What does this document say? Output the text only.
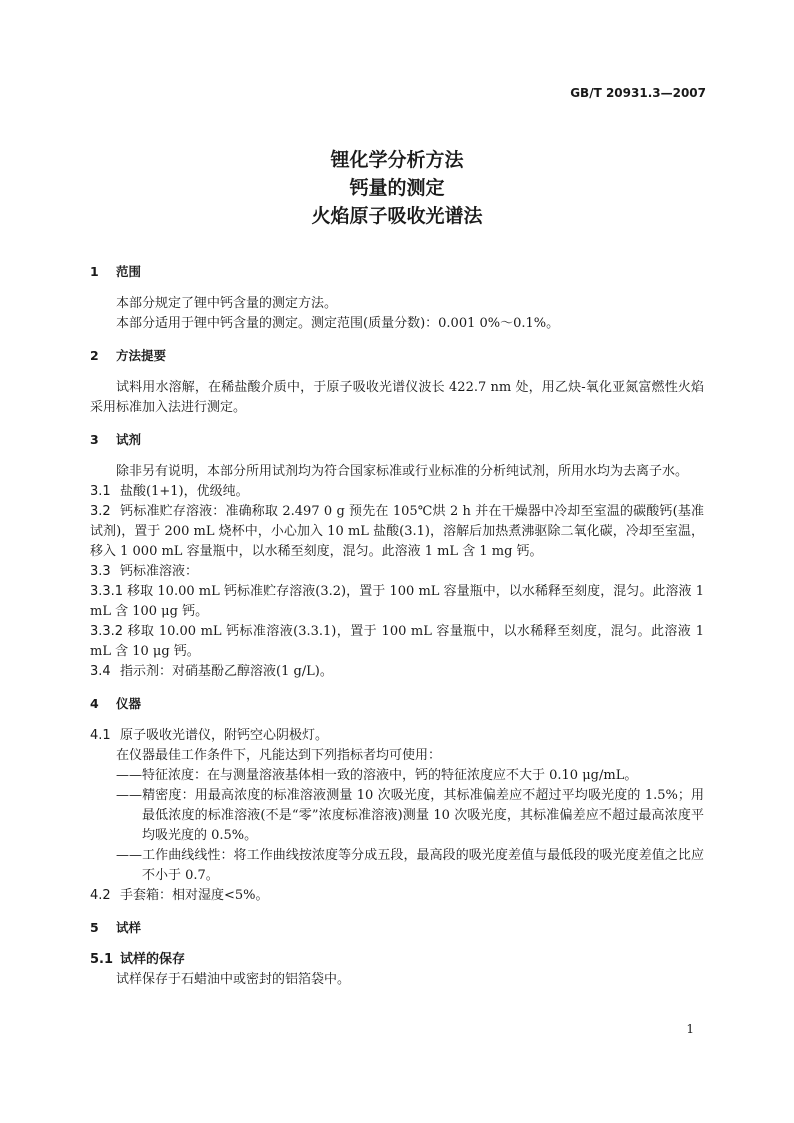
GB/T 20931.3—2007
锂化学分析方法
钙量的测定
火焰原子吸收光谱法
1 范围

本部分规定了锂中钙含量的测定方法。

本部分适用于锂中钙含量的测定。测定范围(质量分数)：0.001 0%～0.1%。

2 方法提要

试料用水溶解，在稀盐酸介质中，于原子吸收光谱仪波长 422.7 nm 处，用乙炔-氧化亚氮富燃性火焰采用标准加入法进行测定。

3 试剂

除非另有说明，本部分所用试剂均为符合国家标准或行业标准的分析纯试剂，所用水均为去离子水。

3.1 盐酸(1+1)，优级纯。

3.2 钙标准贮存溶液：准确称取 2.497 0 g 预先在 105℃烘 2 h 并在干燥器中冷却至室温的碳酸钙(基准试剂)，置于 200 mL 烧杯中，小心加入 10 mL 盐酸(3.1)，溶解后加热煮沸驱除二氧化碳，冷却至室温，移入 1 000 mL 容量瓶中，以水稀至刻度，混匀。此溶液 1 mL 含 1 mg 钙。

3.3 钙标准溶液：

3.3.1 移取 10.00 mL 钙标准贮存溶液(3.2)，置于 100 mL 容量瓶中，以水稀释至刻度，混匀。此溶液 1 mL 含 100 μg 钙。

3.3.2 移取 10.00 mL 钙标准溶液(3.3.1)，置于 100 mL 容量瓶中，以水稀释至刻度，混匀。此溶液 1 mL 含 10 μg 钙。

3.4 指示剂：对硝基酚乙醇溶液(1 g/L)。

4 仪器

4.1 原子吸收光谱仪，附钙空心阴极灯。

在仪器最佳工作条件下，凡能达到下列指标者均可使用：

——特征浓度：在与测量溶液基体相一致的溶液中，钙的特征浓度应不大于 0.10 μg/mL。

——精密度：用最高浓度的标准溶液测量 10 次吸光度，其标准偏差应不超过平均吸光度的 1.5%；用最低浓度的标准溶液(不是“零”浓度标准溶液)测量 10 次吸光度，其标准偏差应不超过最高浓度平均吸光度的 0.5%。

——工作曲线线性：将工作曲线按浓度等分成五段，最高段的吸光度差值与最低段的吸光度差值之比应不小于 0.7。

4.2 手套箱：相对湿度<5%。

5 试样

5.1 试样的保存

试样保存于石蜡油中或密封的铝箔袋中。

1
